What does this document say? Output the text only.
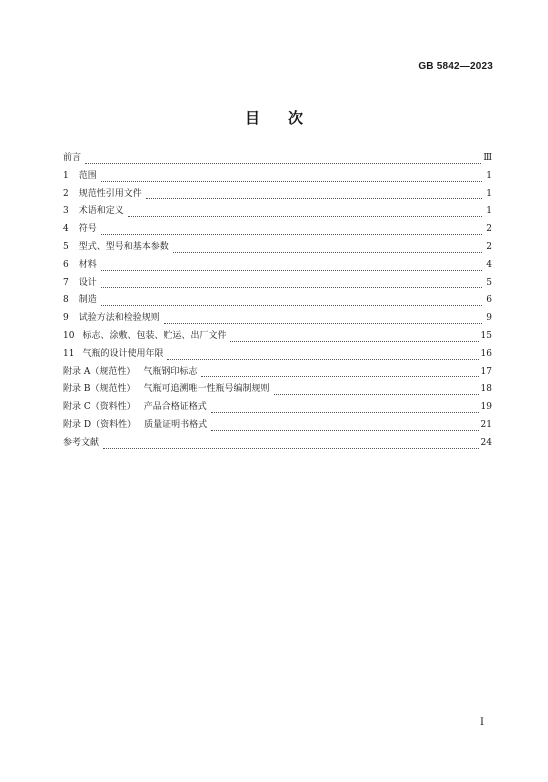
GB 5842—2023
目次
前言	Ⅲ
1 范围	1
2 规范性引用文件	1
3 术语和定义	1
4 符号	2
5 型式、型号和基本参数	2
6 材料	4
7 设计	5
8 制造	6
9 试验方法和检验规则	9
10 标志、涂敷、包装、贮运、出厂文件	15
11 气瓶的设计使用年限	16
附录 A（规范性） 气瓶钢印标志	17
附录 B（规范性） 气瓶可追溯唯一性瓶号编制规则	18
附录 C（资料性） 产品合格证格式	19
附录 D（资料性） 质量证明书格式	21
参考文献	24
Ⅰ
